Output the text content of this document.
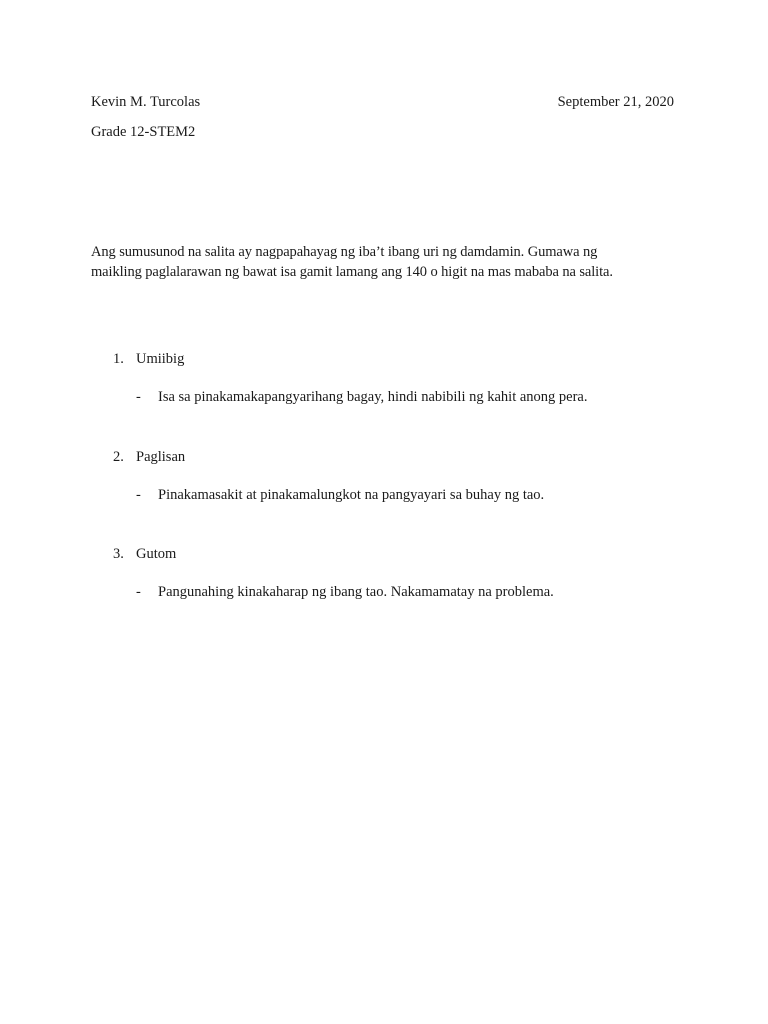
Kevin M. Turcolas	September 21, 2020
Grade 12-STEM2

Ang sumusunod na salita ay nagpapahayag ng iba’t ibang uri ng damdamin. Gumawa ng

maikling paglalarawan ng bawat isa gamit lamang ang 140 o higit na mas mababa na salita.

1. Umiibig
-	Isa sa pinakamakapangyarihang bagay, hindi nabibili ng kahit anong pera.
2. Paglisan
-	Pinakamasakit at pinakamalungkot na pangyayari sa buhay ng tao.
3. Gutom
-	Pangunahing kinakaharap ng ibang tao. Nakamamatay na problema.
